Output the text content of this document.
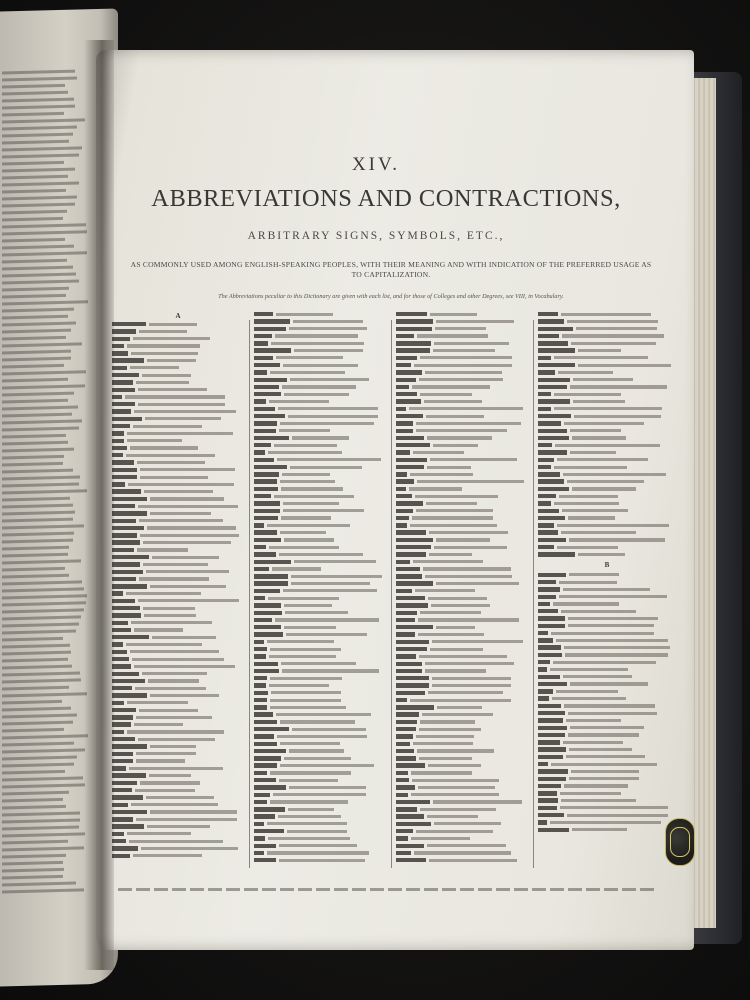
XIV.
ABBREVIATIONS AND CONTRACTIONS,
ARBITRARY SIGNS, SYMBOLS, ETC.,
AS COMMONLY USED AMONG ENGLISH-SPEAKING PEOPLES, WITH THEIR MEANING AND WITH INDICATION OF THE PREFERRED USAGE AS TO CAPITALIZATION.
The Abbreviations peculiar to this Dictionary are given with each list, and for those of Colleges and other Degrees, see VIII, in Vocabulary.
A
B
